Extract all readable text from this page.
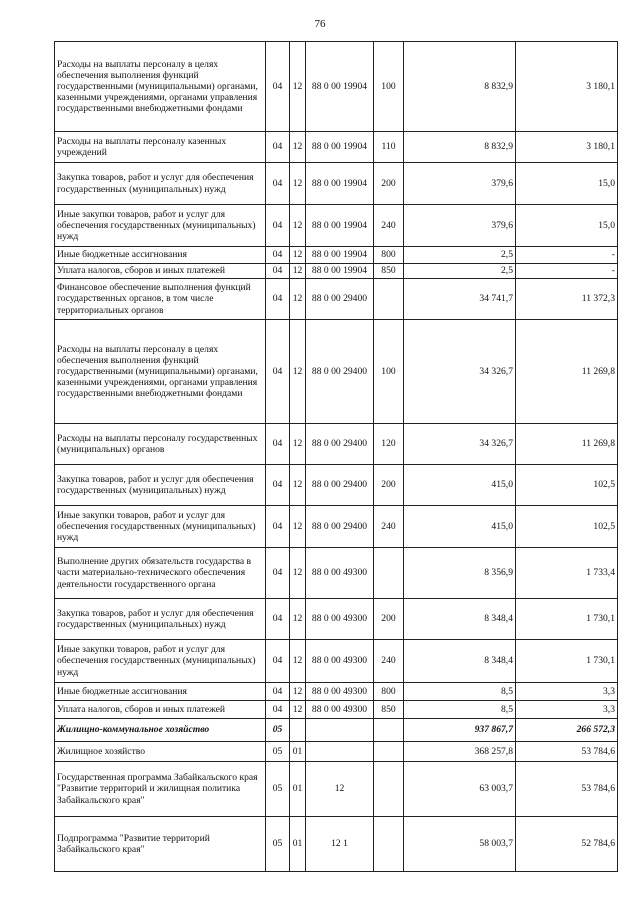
76
Расходы на выплаты персоналу в целях обеспечения выполнения функций государственными (муниципальными) органами, казенными учреждениями, органами управления государственными внебюджетными фондами	04	12	88 0 00 19904	100	8 832,9	3 180,1
Расходы на выплаты персоналу казенных учреждений	04	12	88 0 00 19904	110	8 832,9	3 180,1
Закупка товаров, работ и услуг для обеспечения государственных (муниципальных) нужд	04	12	88 0 00 19904	200	379,6	15,0
Иные закупки товаров, работ и услуг для обеспечения государственных (муниципальных) нужд	04	12	88 0 00 19904	240	379,6	15,0
Иные бюджетные ассигнования	04	12	88 0 00 19904	800	2,5	-
Уплата налогов, сборов и иных платежей	04	12	88 0 00 19904	850	2,5	-
Финансовое обеспечение выполнения функций государственных органов, в том числе территориальных органов	04	12	88 0 00 29400		34 741,7	11 372,3
Расходы на выплаты персоналу в целях обеспечения выполнения функций государственными (муниципальными) органами, казенными учреждениями, органами управления государственными внебюджетными фондами	04	12	88 0 00 29400	100	34 326,7	11 269,8
Расходы на выплаты персоналу государственных (муниципальных) органов	04	12	88 0 00 29400	120	34 326,7	11 269,8
Закупка товаров, работ и услуг для обеспечения государственных (муниципальных) нужд	04	12	88 0 00 29400	200	415,0	102,5
Иные закупки товаров, работ и услуг для обеспечения государственных (муниципальных) нужд	04	12	88 0 00 29400	240	415,0	102,5
Выполнение других обязательств государства в части материально-технического обеспечения деятельности государственного органа	04	12	88 0 00 49300		8 356,9	1 733,4
Закупка товаров, работ и услуг для обеспечения государственных (муниципальных) нужд	04	12	88 0 00 49300	200	8 348,4	1 730,1
Иные закупки товаров, работ и услуг для обеспечения государственных (муниципальных) нужд	04	12	88 0 00 49300	240	8 348,4	1 730,1
Иные бюджетные ассигнования	04	12	88 0 00 49300	800	8,5	3,3
Уплата налогов, сборов и иных платежей	04	12	88 0 00 49300	850	8,5	3,3
Жилищно-коммунальное хозяйство	05				937 867,7	266 572,3
Жилищное хозяйство	05	01			368 257,8	53 784,6
Государственная программа Забайкальского края "Развитие территорий и жилищная политика Забайкальского края"	05	01	12		63 003,7	53 784,6
Подпрограмма "Развитие территорий Забайкальского края"	05	01	12 1		58 003,7	52 784,6
